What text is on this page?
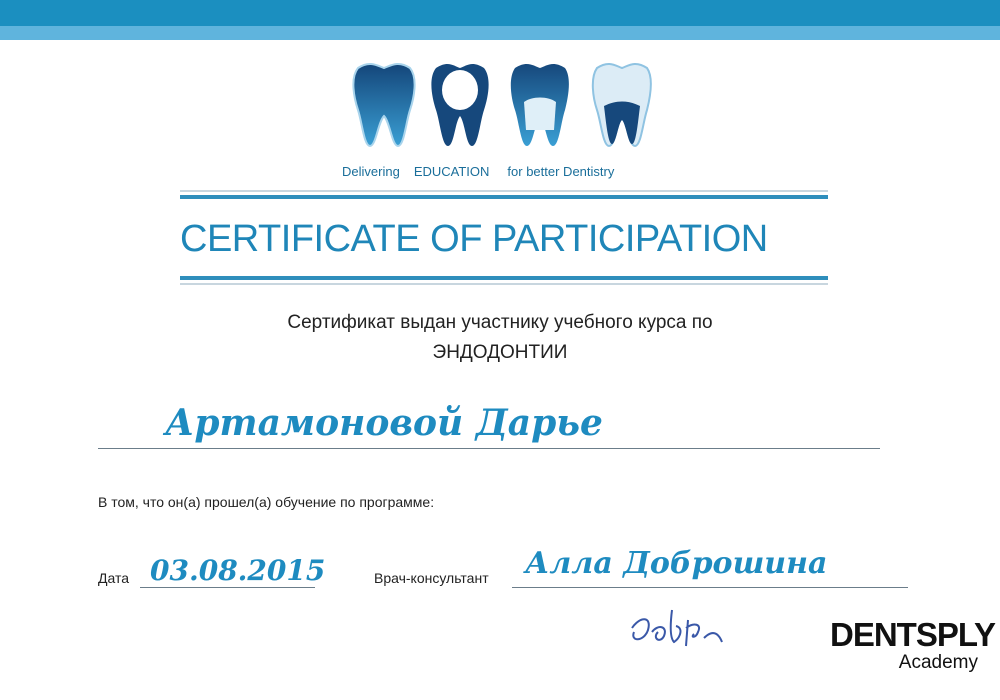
Delivering EDUCATION for better Dentistry
CERTIFICATE OF PARTICIPATION
Сертификат выдан участнику учебного курса по
ЭНДОДОНТИИ
Артамоновой Дарье
В том, что он(а) прошел(а) обучение по программе:
Дата 03.08.2015	Врач-консультант Алла Доброшина
Добр
DENTSPLY
Academy
